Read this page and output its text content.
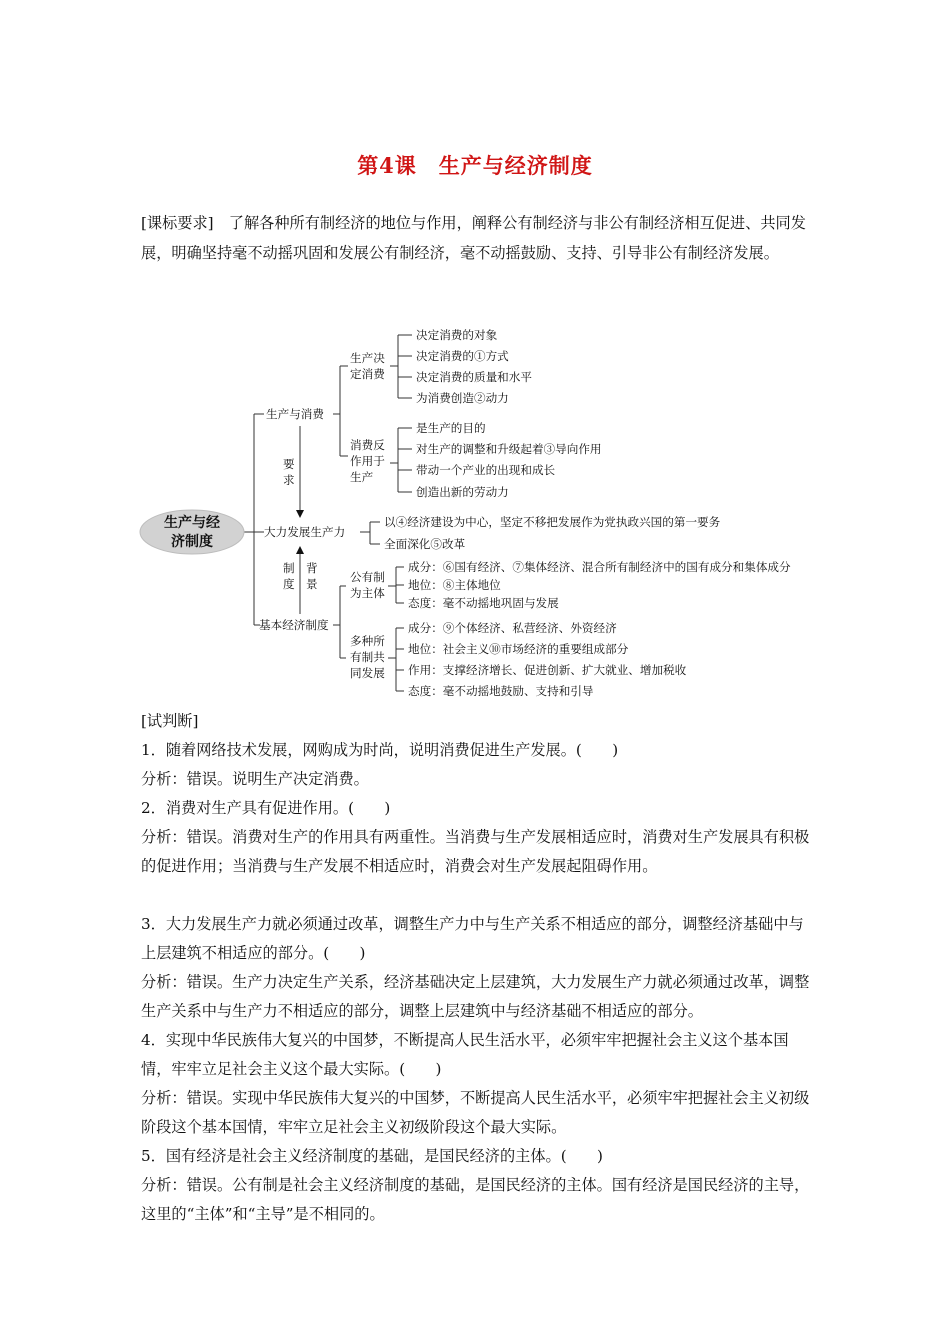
第4课　生产与经济制度
[课标要求]　了解各种所有制经济的地位与作用，阐释公有制经济与非公有制经济相互促进、共同发展，明确坚持毫不动摇巩固和发展公有制经济，毫不动摇鼓励、支持、引导非公有制经济发展。
生产与经
济制度
生产与消费
生产决
定消费
决定消费的对象
决定消费的①方式
决定消费的质量和水平
为消费创造②动力
消费反
作用于
生产
是生产的目的
对生产的调整和升级起着③导向作用
带动一个产业的出现和成长
创造出新的劳动力
要
求
制
度
背
景
大力发展生产力
以④经济建设为中心，坚定不移把发展作为党执政兴国的第一要务
全面深化⑤改革
基本经济制度
公有制
为主体
成分：⑥国有经济、⑦集体经济、混合所有制经济中的国有成分和集体成分
地位：⑧主体地位
态度：毫不动摇地巩固与发展
多种所
有制共
同发展
成分：⑨个体经济、私营经济、外资经济
地位：社会主义⑩市场经济的重要组成部分
作用：支撑经济增长、促进创新、扩大就业、增加税收
态度：毫不动摇地鼓励、支持和引导

[试判断]

1．随着网络技术发展，网购成为时尚，说明消费促进生产发展。(　　)

分析：错误。说明生产决定消费。

2．消费对生产具有促进作用。(　　)

分析：错误。消费对生产的作用具有两重性。当消费与生产发展相适应时，消费对生产发展具有积极的促进作用；当消费与生产发展不相适应时，消费会对生产发展起阻碍作用。

3．大力发展生产力就必须通过改革，调整生产力中与生产关系不相适应的部分，调整经济基础中与上层建筑不相适应的部分。(　　)

分析：错误。生产力决定生产关系，经济基础决定上层建筑，大力发展生产力就必须通过改革，调整生产关系中与生产力不相适应的部分，调整上层建筑中与经济基础不相适应的部分。

4．实现中华民族伟大复兴的中国梦，不断提高人民生活水平，必须牢牢把握社会主义这个基本国情，牢牢立足社会主义这个最大实际。(　　)

分析：错误。实现中华民族伟大复兴的中国梦，不断提高人民生活水平，必须牢牢把握社会主义初级阶段这个基本国情，牢牢立足社会主义初级阶段这个最大实际。

5．国有经济是社会主义经济制度的基础，是国民经济的主体。(　　)

分析：错误。公有制是社会主义经济制度的基础，是国民经济的主体。国有经济是国民经济的主导，这里的“主体”和“主导”是不相同的。
